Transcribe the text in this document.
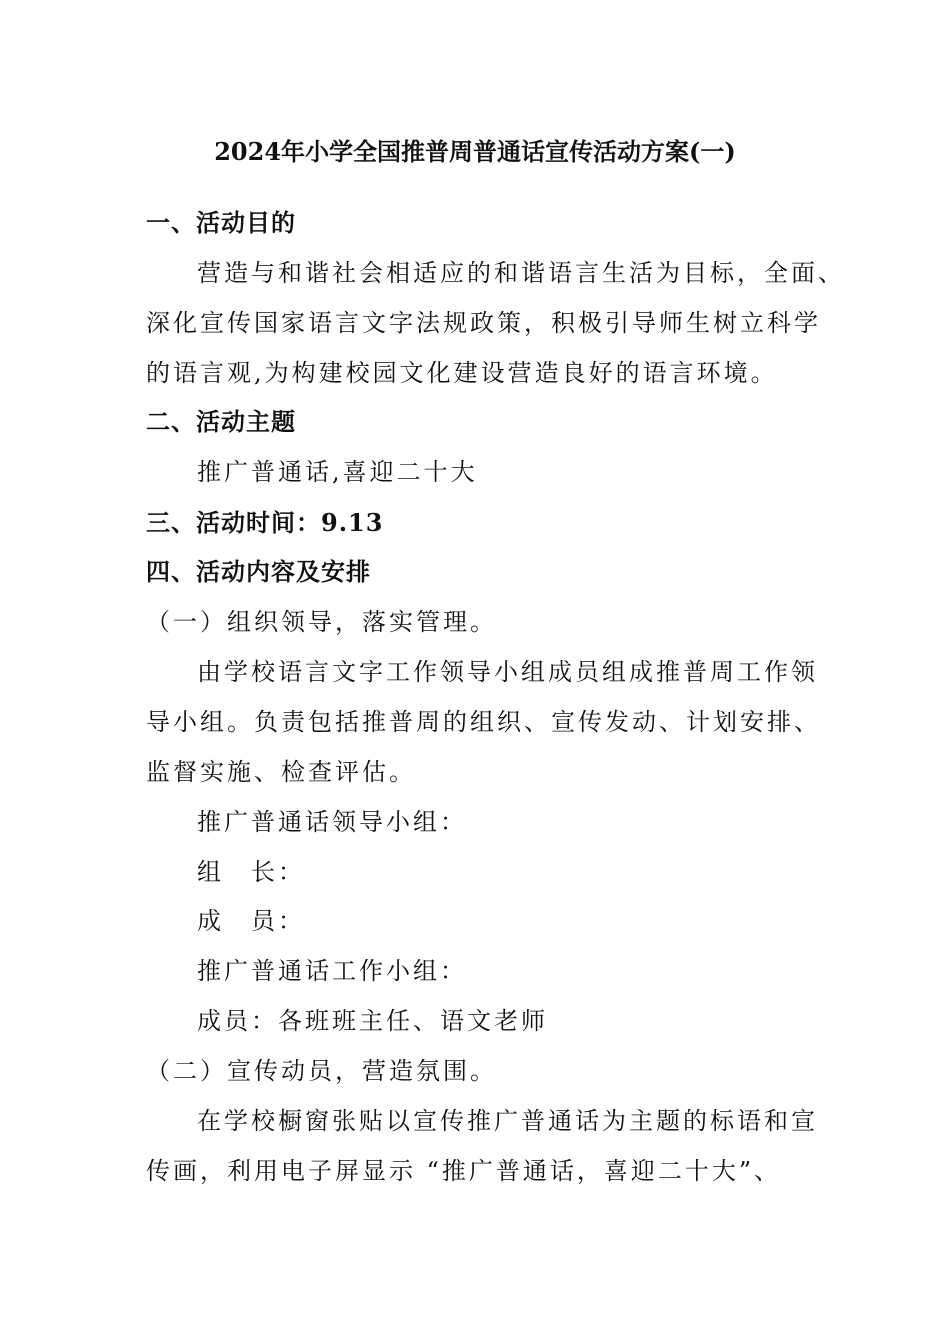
2024年小学全国推普周普通话宣传活动方案(一)
一、活动目的
营造与和谐社会相适应的和谐语言生活为目标，全面、
深化宣传国家语言文字法规政策，积极引导师生树立科学
的语言观,为构建校园文化建设营造良好的语言环境。
二、活动主题
推广普通话,喜迎二十大
三、活动时间：9.13
四、活动内容及安排
（一）组织领导，落实管理。
由学校语言文字工作领导小组成员组成推普周工作领
导小组。负责包括推普周的组织、宣传发动、计划安排、
监督实施、检查评估。
推广普通话领导小组：
组　长：
成　员：
推广普通话工作小组：
成员：各班班主任、语文老师
（二）宣传动员，营造氛围。
在学校橱窗张贴以宣传推广普通话为主题的标语和宣
传画，利用电子屏显示 “推广普通话，喜迎二十大”、
